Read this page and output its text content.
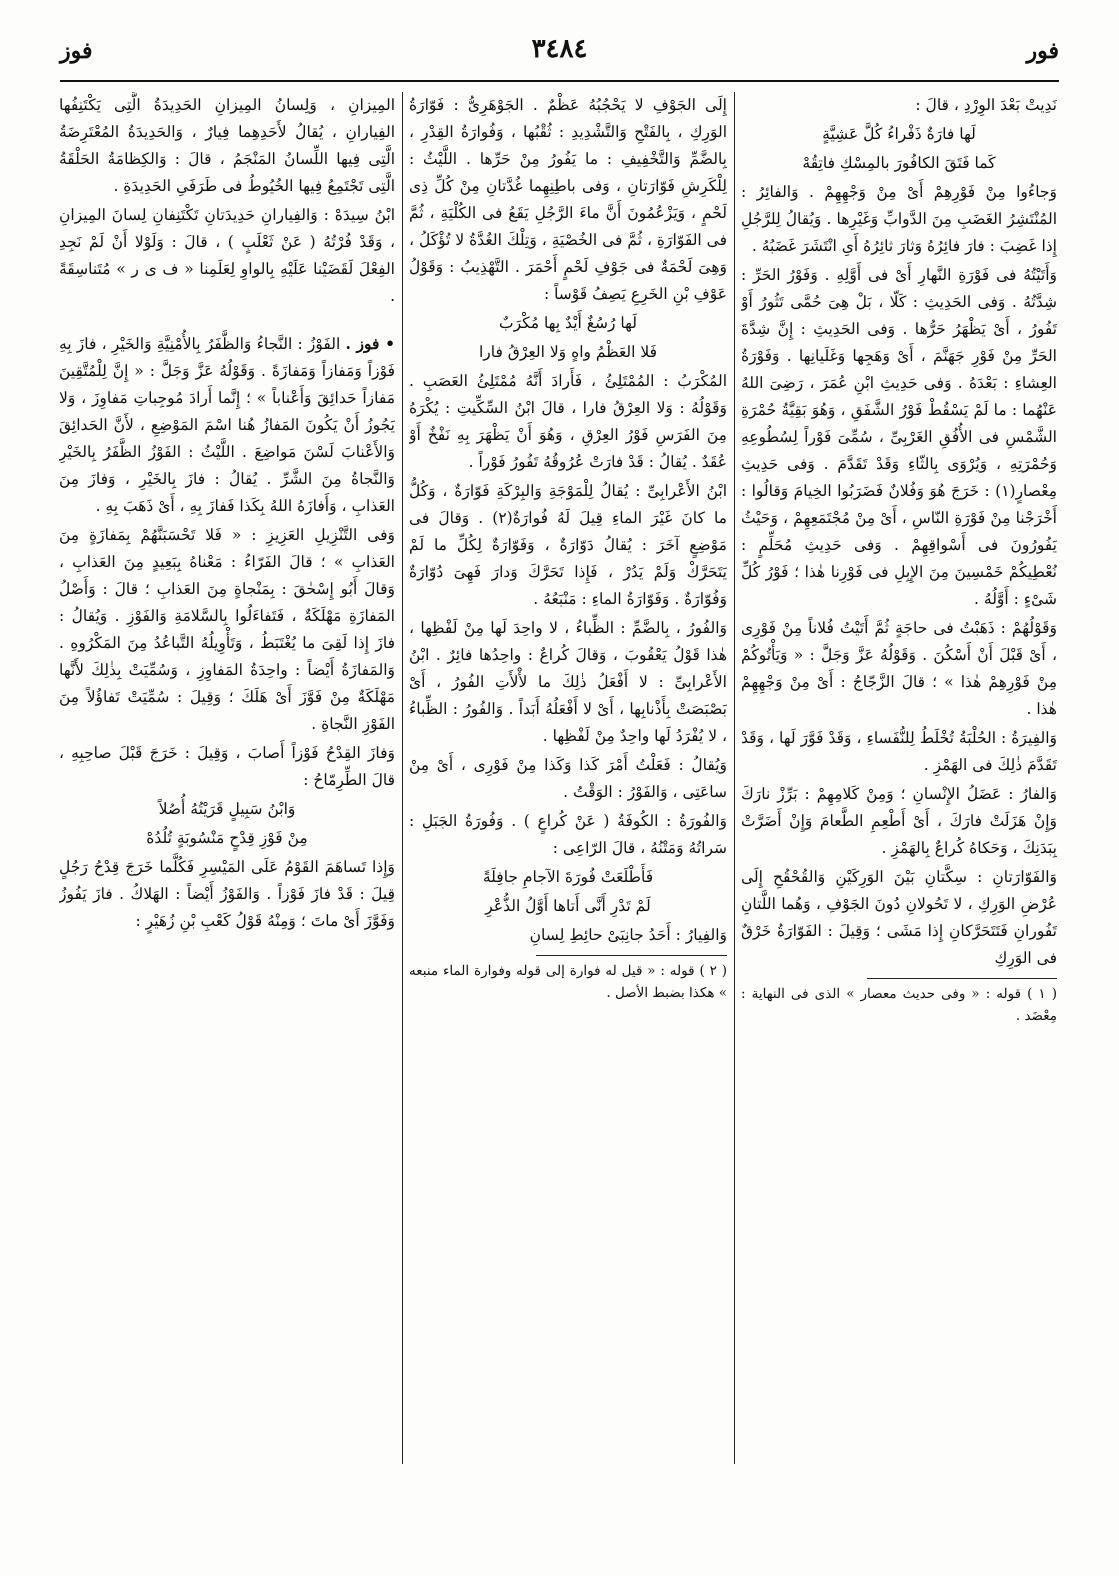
فور
٣٤٨٤
فوز

نَدِيتْ بَعْدَ الوِرْدِ ، قالَ :

لَها فارَةٌ ذَفْراءُ كُلَّ عَشِيَّةٍ

كَما فَتَقَ الكافُورَ بالمِسْكِ فاتِقُهْ

وَجاءُوا مِنْ فَوْرِهِمْ أَىْ مِنْ وَجْهِهِمْ . وَالفائِرُ : المُنْتَشِرُ الغَضَبِ مِنَ الدَّوابِّ وَغَيْرِها . وَيُقالُ لِلرَّجُلِ إِذا غَضِبَ : فارَ فائِرُهُ وَثارَ ثائِرُهُ أَىِ انْتَشَرَ غَضَبُهُ .

وَأَتَيْتُهُ فى فَوْرَةِ النَّهارِ أَىْ فى أَوَّلِهِ . وَفَوْرُ الحَرِّ : شِدَّتُهُ . وَفى الحَدِيثِ : كَلّا ، بَلْ هِىَ حُمَّى تَثُورُ أَوْ تَفُورُ ، أَىْ يَظْهَرُ حَرُّها . وَفى الحَدِيثِ : إِنَّ شِدَّةَ الحَرِّ مِنْ فَوْرِ جَهَنَّمَ ، أَىْ وَهَجِها وَغَلَيانِها . وَفَوْرَةُ العِشاءِ : بَعْدَهُ . وَفى حَدِيثِ ابْنِ عُمَرَ ، رَضِىَ اللهُ عَنْهُما : ما لَمْ يَسْقُطْ فَوْرُ الشَّفَقِ ، وَهُوَ بَقِيَّةُ حُمْرَةِ الشَّمْسِ فى الأُفُقِ الغَرْبِىِّ ، سُمِّىَ فَوْراً لِسُطُوعِهِ وَحُمْرَتِهِ ، وَيُرْوَى بِالثّاءِ وَقَدْ تَقَدَّمَ . وَفى حَدِيثِ مِعْصارٍ(١) : خَرَجَ هُوَ وَفُلانٌ فَضَرَبُوا الخِيامَ وَقالُوا : أَخْرَجْنا مِنْ فَوْرَةِ النّاسِ ، أَىْ مِنْ مُجْتَمَعِهِمْ ، وَحَيْثُ يَفُورُونَ فى أَسْواقِهِمْ . وَفى حَدِيثِ مُحَلِّمٍ : نُعْطِيكُمْ خَمْسِينَ مِنَ الإِبِلِ فى فَوْرِنا هٰذا ؛ فَوْرُ كُلِّ شَىْءٍ : أَوَّلُهُ .

وَقَوْلُهُمْ : ذَهَبْتُ فى حاجَةٍ ثُمَّ أَتَيْتُ فُلاناً مِنْ فَوْرِى ، أَىْ قَبْلَ أَنْ أَسْكُنَ . وَقَوْلُهُ عَزَّ وَجَلَّ : « وَيَأْتُوكُمْ مِنْ فَوْرِهِمْ هٰذا » ؛ قالَ الزَّجّاجُ : أَىْ مِنْ وَجْهِهِمْ هٰذا .

وَالفِيرَةُ : الحُلْبَةُ تُخْلَطُ لِلنُّفَساءِ ، وَقَدْ فَوَّرَ لَها ، وَقَدْ تَقَدَّمَ ذٰلِكَ فى الهَمْزِ .

وَالفارُ : عَضَلُ الإِنْسانِ ؛ وَمِنْ كَلامِهِمْ : بَرِّزْ نارَكَ وَإِنْ هَزَلَتْ فارَكَ ، أَىْ أَطْعِمِ الطَّعامَ وَإِنْ أَضَرَّتْ بِبَدَنِكَ ، وَحَكاهُ كُراعٌ بِالهَمْزِ .

وَالفَوّارَتانِ : سِكَّتانِ بَيْنَ الوَرِكَيْنِ وَالقُحْقُحِ إِلَى عُرْضِ الوَرِكِ ، لا تَحُولانِ دُونَ الجَوْفِ ، وَهُما اللَّتانِ تَفُورانِ فَتَتَحَرَّكانِ إِذا مَشَى ؛ وَقِيلَ : الفَوّارَةُ خَرْقٌ فى الوَرِكِ

( ١ ) قوله : « وفى حديث معصار » الذى فى النهاية : مِعْضَد .

إِلَى الجَوْفِ لا يَحْجُبُهُ عَظْمٌ . الجَوْهَرِىُّ : فَوّارَةُ الوَرِكِ ، بِالفَتْحِ وَالتَّشْدِيدِ : ثُقْبُها ، وَفُوارَةُ القِدْرِ ، بِالضَّمِّ وَالتَّخْفِيفِ : ما يَفُورُ مِنْ حَرِّها . اللَّيْثُ : لِلْكَرِشِ فَوّارَتانِ ، وَفى باطِنِهِما غُدَّتانِ مِنْ كُلِّ ذِى لَحْمٍ ، وَيَزْعُمُونَ أَنَّ ماءَ الرَّجُلِ يَقَعُ فى الكُلْيَةِ ، ثُمَّ فى الفَوّارَةِ ، ثُمَّ فى الخُصْيَةِ ، وَتِلْكَ الغُدَّةُ لا تُؤْكَلُ ، وَهِىَ لَحْمَةٌ فى جَوْفِ لَحْمٍ أَحْمَرَ . التَّهْذِيبُ : وَقَوْلُ عَوْفِ بْنِ الخَرِعِ يَصِفُ قَوْساً :

لَها رُسُغٌ أَيْدٌ بِها مُكْرَبٌ

فَلا العَظْمُ واهٍ وَلا العِرْقُ فارا

المُكْرَبُ : المُمْتَلِئُ ، فَأَرادَ أَنَّهُ مُمْتَلِئُ العَصَبِ . وَقَوْلُهُ : وَلا العِرْقُ فارا ، قالَ ابْنُ السِّكِّيتِ : يُكْرَهُ مِنَ الفَرَسِ فَوْرُ العِرْقِ ، وَهُوَ أَنْ يَظْهَرَ بِهِ نَفْخٌ أَوْ عُقَدٌ . يُقالُ : قَدْ فارَتْ عُرُوقُهُ تَفُورُ فَوْراً .

ابْنُ الأَعْرابِىِّ : يُقالُ لِلْمَوْجَةِ وَالبِرْكَةِ فَوّارَةٌ ، وَكُلُّ ما كانَ غَيْرَ الماءِ قِيلَ لَهُ فُوارَةٌ(٢) . وَقالَ فى مَوْضِعٍ آخَرَ : يُقالُ دَوّارَةٌ ، وَفَوّارَةٌ لِكُلِّ ما لَمْ يَتَحَرَّكْ وَلَمْ يَدُرْ ، فَإِذا تَحَرَّكَ وَدارَ فَهِىَ دُوّارَةٌ وَفُوّارَةٌ . وَفَوّارَةُ الماءِ : مَنْبَعُهُ .

وَالفُورُ ، بِالضَّمِّ : الظِّباءُ ، لا واحِدَ لَها مِنْ لَفْظِها ، هٰذا قَوْلُ يَعْقُوبَ ، وَقالَ كُراعٌ : واحِدُها فائِرٌ . ابْنُ الأَعْرابِىِّ : لا أَفْعَلُ ذٰلِكَ ما لأْلأَتِ الفُورُ ، أَىْ بَصْبَصَتْ بِأَذْنابِها ، أَىْ لا أَفْعَلُهُ أَبَداً . وَالفُورُ : الظِّباءُ ، لا يُفْرَدُ لَها واحِدٌ مِنْ لَفْظِها .

وَيُقالُ : فَعَلْتُ أَمْرَ كَذا وَكَذا مِنْ فَوْرِى ، أَىْ مِنْ ساعَتِى ، وَالفَوْرُ : الوَقْتُ .

وَالفُورَةُ : الكُوفَةُ ( عَنْ كُراعٍ ) . وَفُورَةُ الجَبَلِ : سَراتُهُ وَمَتْنُهُ ، قالَ الرّاعِى :

فَأَطْلَعَتْ فُورَةَ الآجامِ جافِلَةً

لَمْ تَدْرِ أَنَّى أَتاها أَوَّلُ الذُّعْرِ

وَالفِيارُ : أَحَدُ جانِبَىْ حائِطِ لِسانِ

( ٢ ) قوله : « قيل له فوارة إلى قوله وفوارة الماء منبعه » هكذا بضبط الأصل .

المِيزانِ ، وَلِسانُ المِيزانِ الحَدِيدَةُ الَّتِى يَكْتَنِفُها الفِيارانِ ، يُقالُ لأَحَدِهِما فِيارٌ ، وَالحَدِيدَةُ المُعْتَرِضَةُ الَّتِى فِيها اللِّسانُ المَنْجَمُ ، قالَ : وَالكِظامَةُ الحَلْقَةُ الَّتِى تَجْتَمِعُ فِيها الخُيُوطُ فى طَرَفَىِ الحَدِيدَةِ .

ابْنُ سِيدَهْ : وَالفِيارانِ حَدِيدَتانِ تَكْتَنِفانِ لِسانَ المِيزانِ ، وَقَدْ فُرْتُهُ ( عَنْ ثَعْلَبٍ ) ، قالَ : وَلَوْلا أَنْ لَمْ نَجِدِ الفِعْلَ لَقَضَيْنا عَلَيْهِ بِالواوِ لِعَلَمِنا « ف ى ر » مُتَناسِقَةً .

• فوز . الفَوْزُ : النَّجاءُ وَالظَّفَرُ بِالأُمْنِيَّةِ وَالخَيْرِ ، فازَ بِهِ فَوْزاً وَمَفازاً وَمَفازَةً . وَقَوْلُهُ عَزَّ وَجَلَّ : « إِنَّ لِلْمُتَّقِينَ مَفازاً حَدائِقَ وَأَعْناباً » ؛ إِنَّما أَرادَ مُوجِباتِ مَفاوِزَ ، وَلا يَجُوزُ أَنْ يَكُونَ المَفازُ هُنا اسْمَ المَوْضِعِ ، لأَنَّ الحَدائِقَ وَالأَعْنابَ لَسْنَ مَواضِعَ . اللَّيْثُ : الفَوْزُ الظَّفَرُ بِالخَيْرِ وَالنَّجاةُ مِنَ الشَّرِّ . يُقالُ : فازَ بِالخَيْرِ ، وَفازَ مِنَ العَذابِ ، وَأَفازَهُ اللهُ بِكَذا فَفازَ بِهِ ، أَىْ ذَهَبَ بِهِ .

وَفى التَّنْزِيلِ العَزِيزِ : « فَلا تَحْسَبَنَّهُمْ بِمَفازَةٍ مِنَ العَذابِ » ؛ قالَ الفَرّاءُ : مَعْناهُ بِبَعِيدٍ مِنَ العَذابِ ، وَقالَ أَبُو إِسْحٰقَ : بِمَنْجاةٍ مِنَ العَذابِ ؛ قالَ : وَأَصْلُ المَفازَةِ مَهْلَكَةٌ ، فَتَفاءَلُوا بِالسَّلامَةِ وَالفَوْزِ . وَيُقالُ : فازَ إِذا لَقِىَ ما يُغْتَبَطُ ، وَتَأْوِيلُهُ التَّباعُدُ مِنَ المَكْرُوهِ . وَالمَفازَةُ أَيْضاً : واحِدَةُ المَفاوِزِ ، وَسُمِّيَتْ بِذٰلِكَ لأَنَّها مَهْلَكَةٌ مِنْ فَوَّزَ أَىْ هَلَكَ ؛ وَقِيلَ : سُمِّيَتْ تَفاؤُلاً مِنَ الفَوْزِ النَّجاةِ .

وَفازَ القِدْحُ فَوْزاً أَصابَ ، وَقِيلَ : خَرَجَ قَبْلَ صاحِبِهِ ، قالَ الطِّرِمّاحُ :

وَابْنُ سَبِيلٍ قَرَيْتُهُ أُصُلاً

مِنْ فَوْزِ قِدْحٍ مَنْسُوبَةٍ تُلُدُهْ

وَإِذا تَساهَمَ القَوْمُ عَلَى المَيْسِرِ فَكُلَّما خَرَجَ قِدْحُ رَجُلٍ قِيلَ : قَدْ فازَ فَوْزاً . وَالفَوْزُ أَيْضاً : الهَلاكُ . فازَ يَفُوزُ وَفَوَّزَ أَىْ ماتَ ؛ وَمِنْهُ قَوْلُ كَعْبِ بْنِ زُهَيْرٍ :
